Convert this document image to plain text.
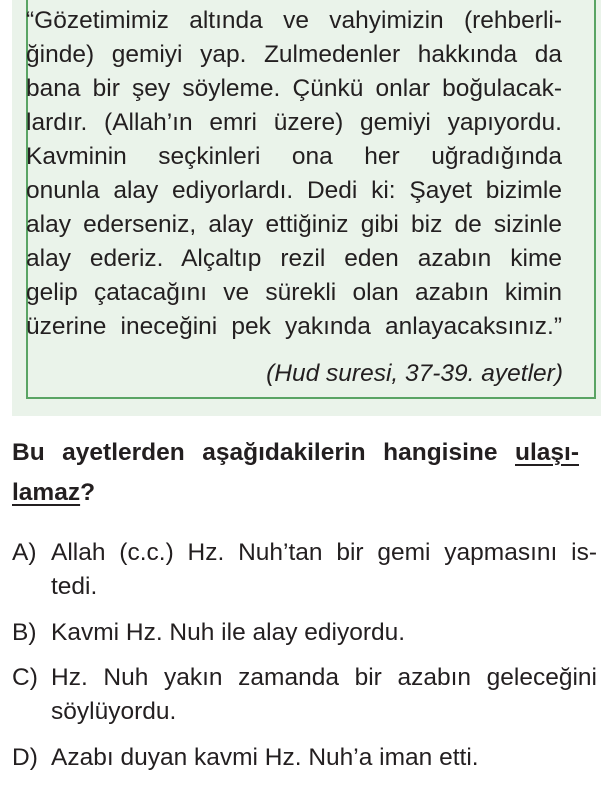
“Gözetimimiz altında ve vahyimizin (rehberli-
ğinde) gemiyi yap. Zulmedenler hakkında da
bana bir şey söyleme. Çünkü onlar boğulacak-
lardır. (Allah’ın emri üzere) gemiyi yapıyordu.
Kavminin seçkinleri ona her uğradığında
onunla alay ediyorlardı. Dedi ki: Şayet bizimle
alay ederseniz, alay ettiğiniz gibi biz de sizinle
alay ederiz. Alçaltıp rezil eden azabın kime
gelip çatacağını ve sürekli olan azabın kimin
üzerine ineceğini pek yakında anlayacaksınız.”
(Hud suresi, 37-39. ayetler)
Bu ayetlerden aşağıdakilerin hangisine ulaşı-
lamaz?
A) Allah (c.c.) Hz. Nuh’tan bir gemi yapmasını is-
tedi.
B) Kavmi Hz. Nuh ile alay ediyordu.
C) Hz. Nuh yakın zamanda bir azabın geleceğini
söylüyordu.
D) Azabı duyan kavmi Hz. Nuh’a iman etti.
